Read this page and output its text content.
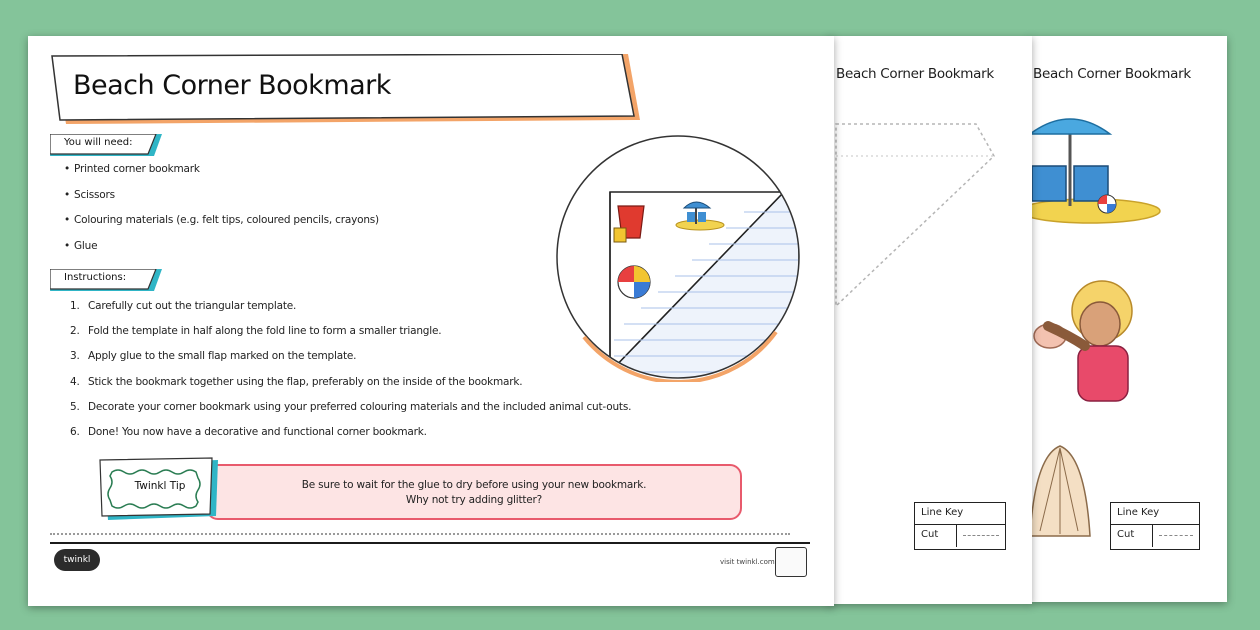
Beach Corner Bookmark
Line Key
Cut
Beach Corner Bookmark
Line Key
Cut
Beach Corner Bookmark
You will need:
• Printed corner bookmark
• Scissors
• Colouring materials (e.g. felt tips, coloured pencils, crayons)
• Glue
Instructions:
1. Carefully cut out the triangular template.
2. Fold the template in half along the fold line to form a smaller triangle.
3. Apply glue to the small flap marked on the template.
4. Stick the bookmark together using the flap, preferably on the inside of the bookmark.
5. Decorate your corner bookmark using your preferred colouring materials and the included animal cut-outs.
6. Done! You now have a decorative and functional corner bookmark.
Be sure to wait for the glue to dry before using your new bookmark.
Why not try adding glitter?
Twinkl Tip
twinkl	visit twinkl.com
